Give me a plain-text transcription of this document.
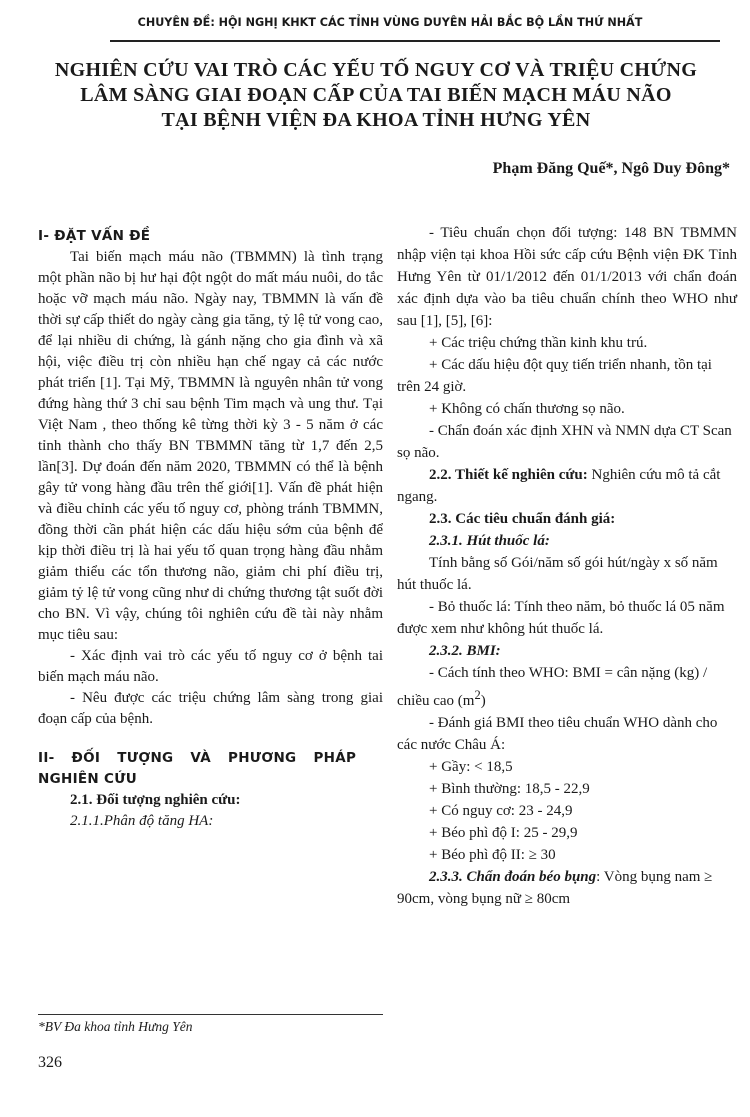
CHUYÊN ĐỀ: HỘI NGHỊ KHKT CÁC TỈNH VÙNG DUYÊN HẢI BẮC BỘ LẦN THỨ NHẤT
NGHIÊN CỨU VAI TRÒ CÁC YẾU TỐ NGUY CƠ VÀ TRIỆU CHỨNG
LÂM SÀNG GIAI ĐOẠN CẤP CỦA TAI BIẾN MẠCH MÁU NÃO
TẠI BỆNH VIỆN ĐA KHOA TỈNH HƯNG YÊN
Phạm Đăng Quế*, Ngô Duy Đông*

I- ĐẶT VẤN ĐỀ

Tai biến mạch máu não (TBMMN) là tình trạng một phần não bị hư hại đột ngột do mất máu nuôi, do tắc hoặc vỡ mạch máu não. Ngày nay, TBMMN là vấn đề thời sự cấp thiết do ngày càng gia tăng, tỷ lệ tử vong cao, để lại nhiều di chứng, là gánh nặng cho gia đình và xã hội, việc điều trị còn nhiều hạn chế ngay cả các nước phát triển [1]. Tại Mỹ, TBMMN là nguyên nhân tử vong đứng hàng thứ 3 chỉ sau bệnh Tim mạch và ung thư. Tại Việt Nam , theo thống kê từng thời kỳ 3 - 5 năm ở các tỉnh thành cho thấy BN TBMMN tăng từ 1,7 đến 2,5 lần[3]. Dự đoán đến năm 2020, TBMMN có thể là bệnh gây tử vong hàng đầu trên thế giới[1]. Vấn đề phát hiện và điều chỉnh các yếu tố nguy cơ, phòng tránh TBMMN, đồng thời cần phát hiện các dấu hiệu sớm của bệnh để kịp thời điều trị là hai yếu tố quan trọng hàng đầu nhằm giảm thiểu các tổn thương não, giảm chi phí điều trị, giảm tỷ lệ tử vong cũng như di chứng thương tật suốt đời cho BN. Vì vậy, chúng tôi nghiên cứu đề tài này nhằm mục tiêu sau:

- Xác định vai trò các yếu tố nguy cơ ở bệnh tai biến mạch máu não.

- Nêu được các triệu chứng lâm sàng trong giai đoạn cấp của bệnh.

II- ĐỐI TƯỢNG VÀ PHƯƠNG PHÁP

NGHIÊN CỨU

2.1. Đối tượng nghiên cứu:

2.1.1.Phân độ tăng HA:

- Tiêu chuẩn chọn đối tượng: 148 BN TBMMN nhập viện tại khoa Hồi sức cấp cứu Bệnh viện ĐK Tỉnh Hưng Yên từ 01/1/2012 đến 01/1/2013 với chẩn đoán xác định dựa vào ba tiêu chuẩn chính theo WHO như sau [1], [5], [6]:

+ Các triệu chứng thần kinh khu trú.

+ Các dấu hiệu đột quỵ tiến triển nhanh, tồn tại trên 24 giờ.

+ Không có chấn thương sọ não.

- Chẩn đoán xác định XHN và NMN dựa CT Scan sọ não.

2.2. Thiết kế nghiên cứu: Nghiên cứu mô tả cắt ngang.

2.3. Các tiêu chuẩn đánh giá:

2.3.1. Hút thuốc lá:

Tính bằng số Gói/năm số gói hút/ngày x số năm hút thuốc lá.

- Bỏ thuốc lá: Tính theo năm, bỏ thuốc lá 05 năm được xem như không hút thuốc lá.

2.3.2. BMI:

- Cách tính theo WHO: BMI = cân nặng (kg) / chiều cao $(m^2)$

- Đánh giá BMI theo tiêu chuẩn WHO dành cho các nước Châu Á:

+ Gầy: < 18,5

+ Bình thường: 18,5 - 22,9

+ Có nguy cơ: 23 - 24,9

+ Béo phì độ I: 25 - 29,9

+ Béo phì độ II: ≥ 30

2.3.3. Chẩn đoán béo bụng: Vòng bụng nam ≥ 90cm, vòng bụng nữ ≥ 80cm

*BV Đa khoa tỉnh Hưng Yên
326
